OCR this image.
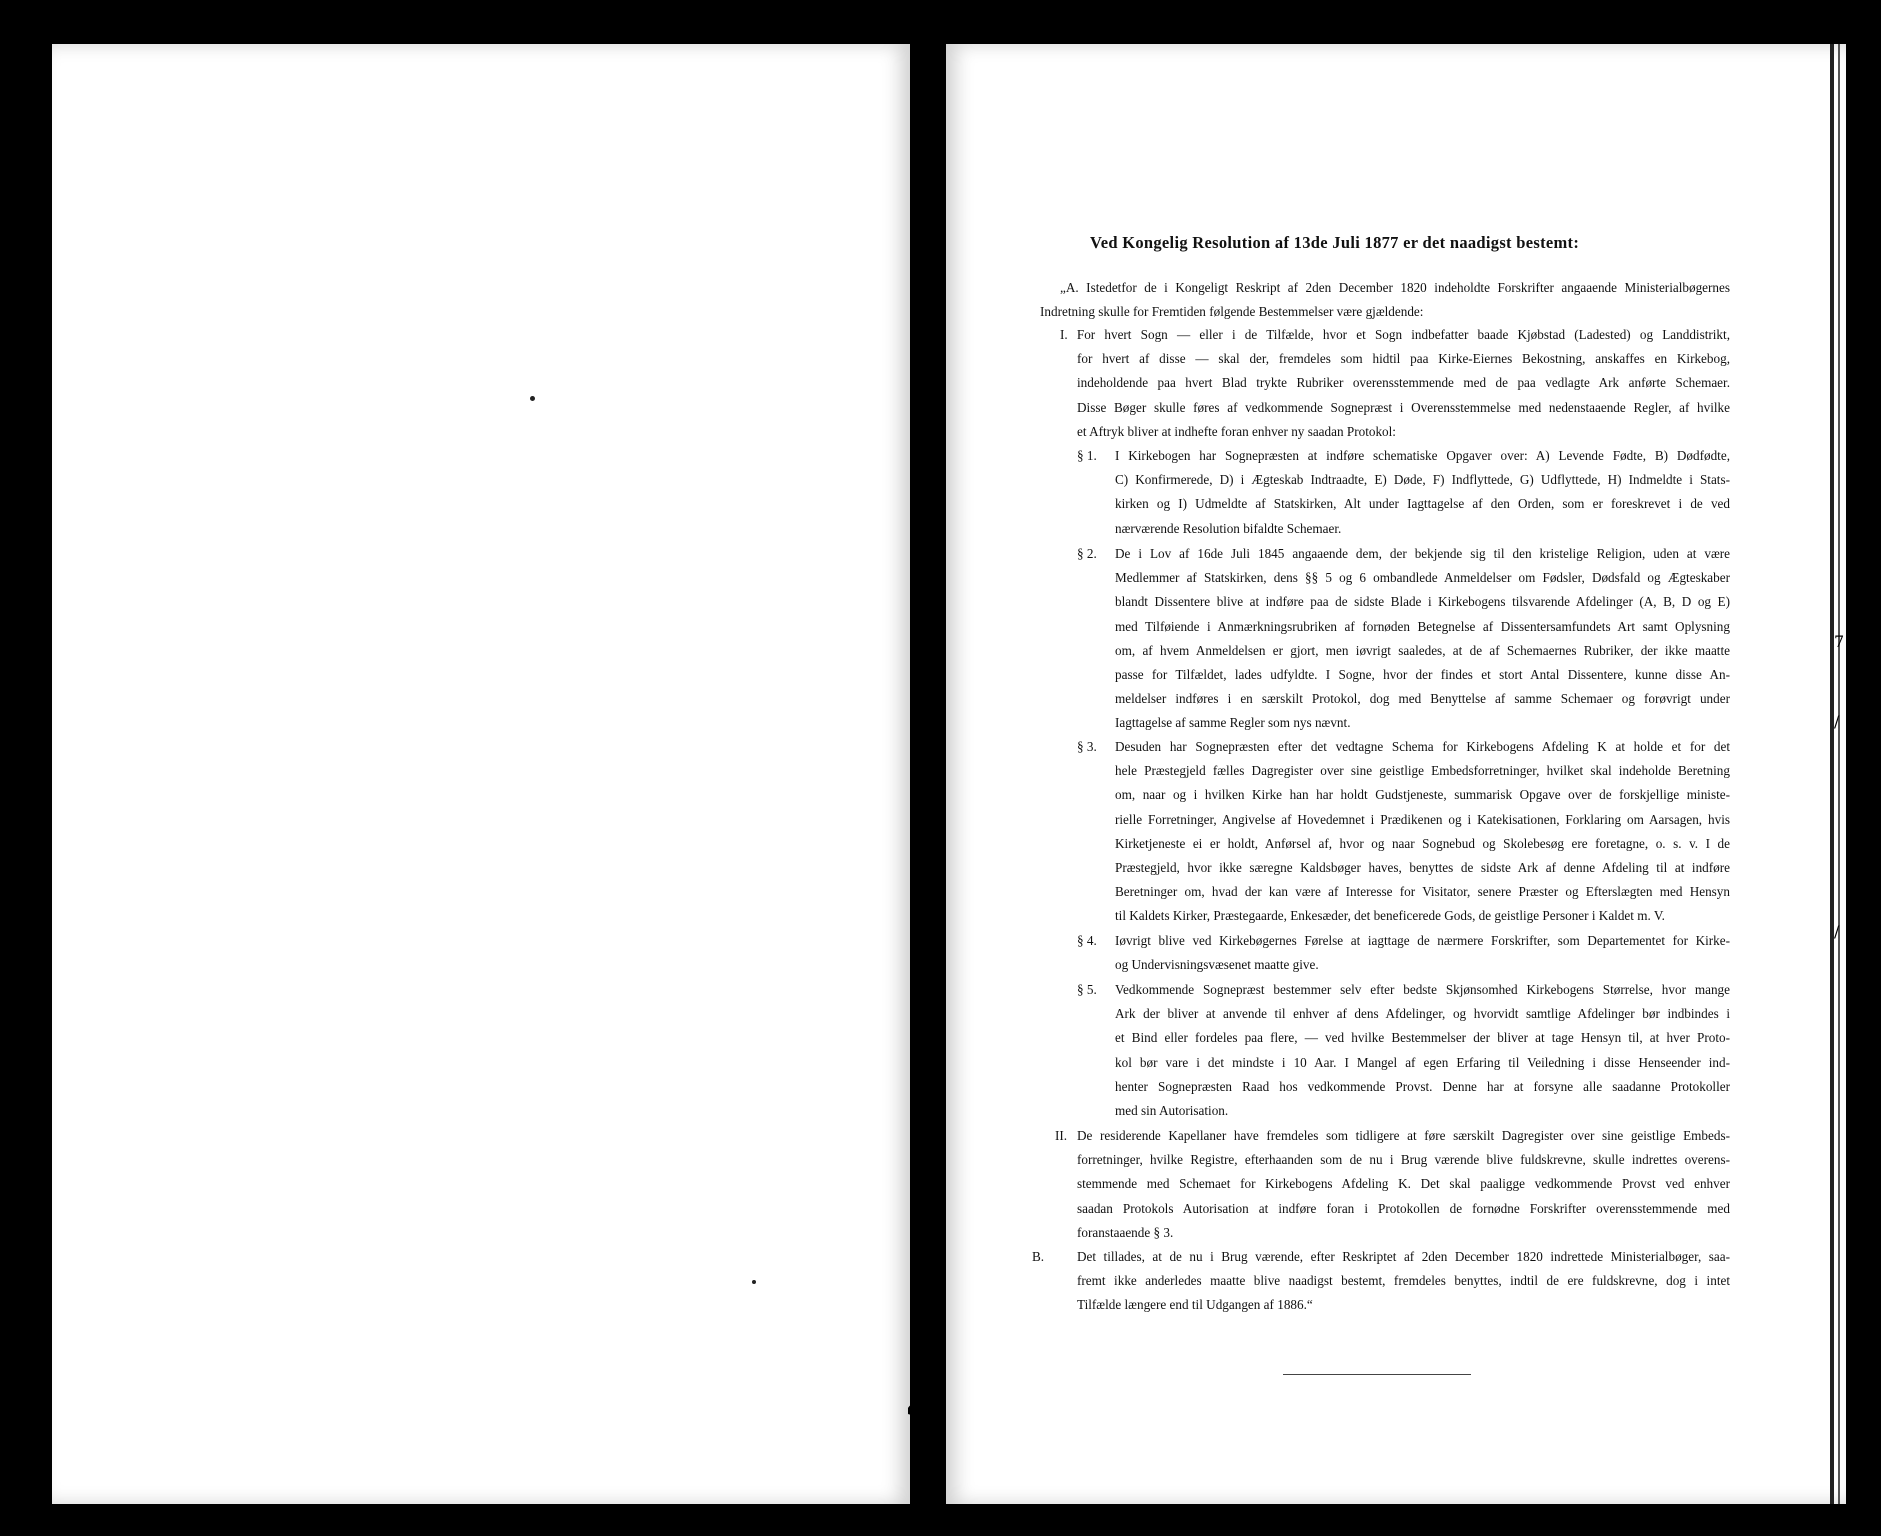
Ved Kongelig Resolution af 13de Juli 1877 er det naadigst bestemt:
„A. Istedetfor de i Kongeligt Reskript af 2den December 1820 indeholdte Forskrifter angaaende Ministerialbøgernes
Indretning skulle for Fremtiden følgende Bestemmelser være gjældende:
I. For hvert Sogn — eller i de Tilfælde, hvor et Sogn indbefatter baade Kjøbstad (Ladested) og Landdistrikt,
for hvert af disse — skal der, fremdeles som hidtil paa Kirke-Eiernes Bekostning, anskaffes en Kirkebog,
indeholdende paa hvert Blad trykte Rubriker overensstemmende med de paa vedlagte Ark anførte Schemaer.
Disse Bøger skulle føres af vedkommende Sognepræst i Overensstemmelse med nedenstaaende Regler, af hvilke
et Aftryk bliver at indhefte foran enhver ny saadan Protokol:
§ 1. I Kirkebogen har Sognepræsten at indføre schematiske Opgaver over: A) Levende Fødte, B) Dødfødte,
C) Konfirmerede, D) i Ægteskab Indtraadte, E) Døde, F) Indflyttede, G) Udflyttede, H) Indmeldte i Stats-
kirken og I) Udmeldte af Statskirken, Alt under Iagttagelse af den Orden, som er foreskrevet i de ved
nærværende Resolution bifaldte Schemaer.
§ 2. De i Lov af 16de Juli 1845 angaaende dem, der bekjende sig til den kristelige Religion, uden at være
Medlemmer af Statskirken, dens §§ 5 og 6 ombandlede Anmeldelser om Fødsler, Dødsfald og Ægteskaber
blandt Dissentere blive at indføre paa de sidste Blade i Kirkebogens tilsvarende Afdelinger (A, B, D og E)
med Tilføiende i Anmærkningsrubriken af fornøden Betegnelse af Dissentersamfundets Art samt Oplysning
om, af hvem Anmeldelsen er gjort, men iøvrigt saaledes, at de af Schemaernes Rubriker, der ikke maatte
passe for Tilfældet, lades udfyldte. I Sogne, hvor der findes et stort Antal Dissentere, kunne disse An-
meldelser indføres i en særskilt Protokol, dog med Benyttelse af samme Schemaer og forøvrigt under
Iagttagelse af samme Regler som nys nævnt.
§ 3. Desuden har Sognepræsten efter det vedtagne Schema for Kirkebogens Afdeling K at holde et for det
hele Præstegjeld fælles Dagregister over sine geistlige Embedsforretninger, hvilket skal indeholde Beretning
om, naar og i hvilken Kirke han har holdt Gudstjeneste, summarisk Opgave over de forskjellige ministe-
rielle Forretninger, Angivelse af Hovedemnet i Prædikenen og i Katekisationen, Forklaring om Aarsagen, hvis
Kirketjeneste ei er holdt, Anførsel af, hvor og naar Sognebud og Skolebesøg ere foretagne, o. s. v. I de
Præstegjeld, hvor ikke særegne Kaldsbøger haves, benyttes de sidste Ark af denne Afdeling til at indføre
Beretninger om, hvad der kan være af Interesse for Visitator, senere Præster og Efterslægten med Hensyn
til Kaldets Kirker, Præstegaarde, Enkesæder, det beneficerede Gods, de geistlige Personer i Kaldet m. V.
§ 4. Iøvrigt blive ved Kirkebøgernes Førelse at iagttage de nærmere Forskrifter, som Departementet for Kirke-
og Undervisningsvæsenet maatte give.
§ 5. Vedkommende Sognepræst bestemmer selv efter bedste Skjønsomhed Kirkebogens Størrelse, hvor mange
Ark der bliver at anvende til enhver af dens Afdelinger, og hvorvidt samtlige Afdelinger bør indbindes i
et Bind eller fordeles paa flere, — ved hvilke Bestemmelser der bliver at tage Hensyn til, at hver Proto-
kol bør vare i det mindste i 10 Aar. I Mangel af egen Erfaring til Veiledning i disse Henseender ind-
henter Sognepræsten Raad hos vedkommende Provst. Denne har at forsyne alle saadanne Protokoller
med sin Autorisation.
II. De residerende Kapellaner have fremdeles som tidligere at føre særskilt Dagregister over sine geistlige Embeds-
forretninger, hvilke Registre, efterhaanden som de nu i Brug værende blive fuldskrevne, skulle indrettes overens-
stemmende med Schemaet for Kirkebogens Afdeling K. Det skal paaligge vedkommende Provst ved enhver
saadan Protokols Autorisation at indføre foran i Protokollen de fornødne Forskrifter overensstemmende med
foranstaaende § 3.
B. Det tillades, at de nu i Brug værende, efter Reskriptet af 2den December 1820 indrettede Ministerialbøger, saa-
fremt ikke anderledes maatte blive naadigst bestemt, fremdeles benyttes, indtil de ere fuldskrevne, dog i intet
Tilfælde længere end til Udgangen af 1886.“
7
/
/
